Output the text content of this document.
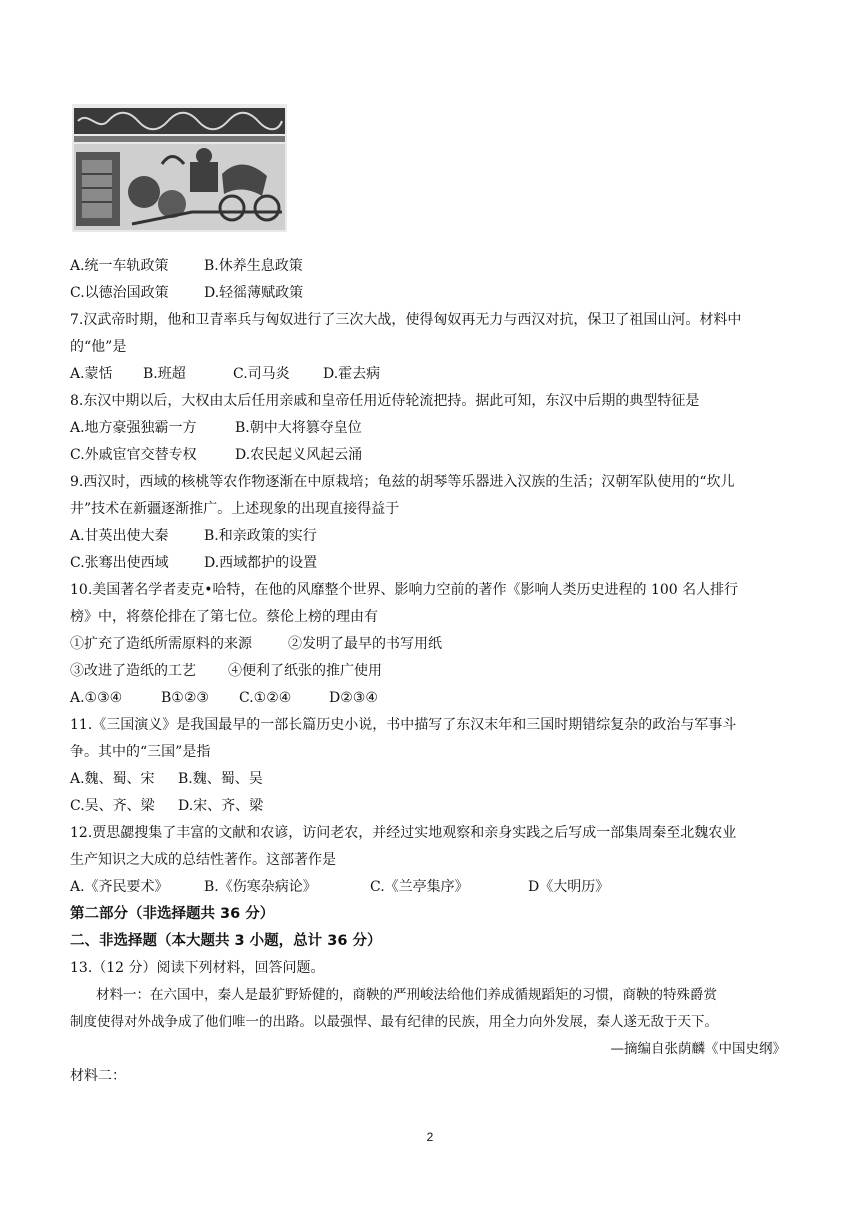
A.统一车轨政策	B.休养生息政策
C.以德治国政策	D.轻徭薄赋政策
7.汉武帝时期，他和卫青率兵与匈奴进行了三次大战，使得匈奴再无力与西汉对抗，保卫了祖国山河。材料中
的“他”是
A.蒙恬 B.班超	C.司马炎 D.霍去病
8.东汉中期以后，大权由太后任用亲戚和皇帝任用近侍轮流把持。据此可知，东汉中后期的典型特征是
A.地方豪强独霸一方	B.朝中大将篡夺皇位
C.外戚宦官交替专权	D.农民起义风起云涌
9.西汉时，西域的核桃等农作物逐渐在中原栽培；龟兹的胡琴等乐器进入汉族的生活；汉朝军队使用的“坎儿
井”技术在新疆逐渐推广。上述现象的出现直接得益于
A.甘英出使大秦	B.和亲政策的实行
C.张骞出使西域	D.西域都护的设置
10.美国著名学者麦克•哈特，在他的风靡整个世界、影响力空前的著作《影响人类历史进程的 100 名人排行
榜》中，将蔡伦排在了第七位。蔡伦上榜的理由有
①扩充了造纸所需原料的来源	②发明了最早的书写用纸
③改进了造纸的工艺 ④便利了纸张的推广使用
A.①③④	B①②③ C.①②④	D②③④
11.《三国演义》是我国最早的一部长篇历史小说，书中描写了东汉末年和三国时期错综复杂的政治与军事斗
争。其中的“三国”是指
A.魏、蜀、宋 B.魏、蜀、吴
C.吴、齐、梁 D.宋、齐、梁
12.贾思勰搜集了丰富的文献和农谚，访问老农，并经过实地观察和亲身实践之后写成一部集周秦至北魏农业
生产知识之大成的总结性著作。这部著作是
A.《齐民要术》	B.《伤寒杂病论》	C.《兰亭集序》	D《大明历》
第二部分（非选择题共 36 分）
二、非选择题（本大题共 3 小题，总计 36 分）
13.（12 分）阅读下列材料，回答问题。
材料一：在六国中，秦人是最犷野矫健的，商鞅的严刑峻法给他们养成循规蹈矩的习惯，商鞅的特殊爵赏
制度使得对外战争成了他们唯一的出路。以最强悍、最有纪律的民族，用全力向外发展，秦人遂无敌于天下。
—摘编自张荫麟《中国史纲》
材料二：
2
